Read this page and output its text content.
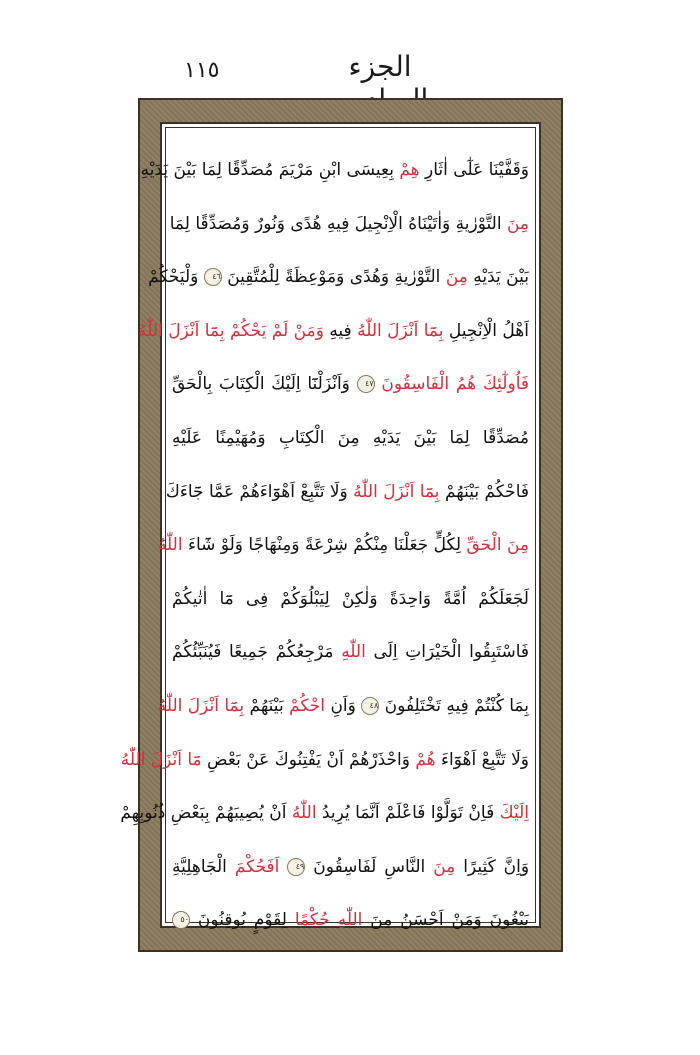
١١٥	الجزء
وَقَفَّيْنَا عَلٰٓى اٰثَارِ هِمْ بِعِيسَى ابْنِ مَرْيَمَ مُصَدِّقًا لِمَا بَيْنَ يَدَيْهِ
مِنَ التَّوْرٰيةِ وَاٰتَيْنَاهُ الْاِنْجِيلَ فِيهِ هُدًى وَنُورٌ وَمُصَدِّقًا لِمَا
بَيْنَ يَدَيْهِ مِنَ التَّوْرٰيةِ وَهُدًى وَمَوْعِظَةً لِلْمُتَّقِينَ ٤٦ وَلْيَحْكُمْ
اَهْلُ الْاِنْجِيلِ بِمَٓا اَنْزَلَ اللّٰهُ فِيهِ وَمَنْ لَمْ يَحْكُمْ بِمَٓا اَنْزَلَ اللّٰهُ
فَاُولٰٓئِكَ هُمُ الْفَاسِقُونَ ٤٧ وَاَنْزَلْنَٓا اِلَيْكَ الْكِتَابَ بِالْحَقِّ
مُصَدِّقًا لِمَا بَيْنَ يَدَيْهِ مِنَ الْكِتَابِ وَمُهَيْمِنًا عَلَيْهِ
فَاحْكُمْ بَيْنَهُمْ بِمَٓا اَنْزَلَ اللّٰهُ وَلَا تَتَّبِعْ اَهْوَٓاءَهُمْ عَمَّا جَٓاءَكَ
مِنَ الْحَقِّ لِكُلٍّ جَعَلْنَا مِنْكُمْ شِرْعَةً وَمِنْهَاجًا وَلَوْ شَٓاءَ اللّٰهُ
لَجَعَلَكُمْ اُمَّةً وَاحِدَةً وَلٰكِنْ لِيَبْلُوَكُمْ فِى مَٓا اٰتٰيكُمْ
فَاسْتَبِقُوا الْخَيْرَاتِ اِلَى اللّٰهِ مَرْجِعُكُمْ جَمِيعًا فَيُنَبِّئُكُمْ
بِمَا كُنْتُمْ فِيهِ تَخْتَلِفُونَ ٤٨ وَاَنِ احْكُمْ بَيْنَهُمْ بِمَٓا اَنْزَلَ اللّٰهُ
وَلَا تَتَّبِعْ اَهْوَٓاءَ هُمْ وَاحْذَرْهُمْ اَنْ يَفْتِنُوكَ عَنْ بَعْضِ مَٓا اَنْزَلَ اللّٰهُ
اِلَيْكَ فَاِنْ تَوَلَّوْا فَاعْلَمْ اَنَّمَا يُرِيدُ اللّٰهُ اَنْ يُصِيبَهُمْ بِبَعْضِ ذُنُوبِهِمْ
وَاِنَّ كَثِيرًا مِنَ النَّاسِ لَفَاسِقُونَ ٤٩ اَفَحُكْمَ الْجَاهِلِيَّةِ
يَبْغُونَ وَمَنْ اَحْسَنُ مِنَ اللّٰهِ حُكْمًا لِقَوْمٍ يُوقِنُونَ ٥٠
